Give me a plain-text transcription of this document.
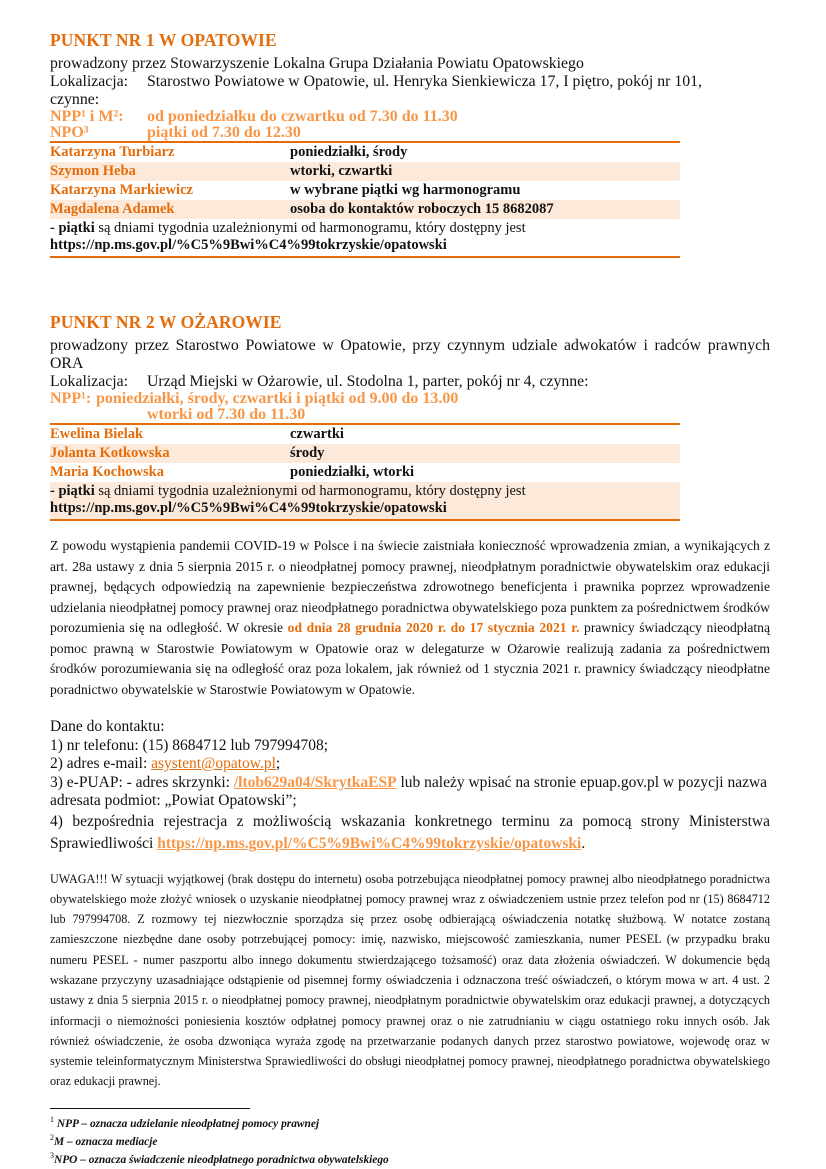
PUNKT NR 1 W OPATOWIE

prowadzony przez Stowarzyszenie Lokalna Grupa Działania Powiatu Opatowskiego

Lokalizacja:	Starostwo Powiatowe w Opatowie, ul. Henryka Sienkiewicza 17, I piętro, pokój nr 101,

czynne:

NPP¹ i M²: od poniedziałku do czwartku od 7.30 do 11.30

NPO³	piątki od 7.30 do 12.30

Katarzyna Turbiarz	poniedziałki, środy
Szymon Heba	wtorki, czwartki
Katarzyna Markiewicz	w wybrane piątki wg harmonogramu
Magdalena Adamek	osoba do kontaktów roboczych 15 8682087
- piątki są dniami tygodnia uzależnionymi od harmonogramu, który dostępny jest
https://np.ms.gov.pl/%C5%9Bwi%C4%99tokrzyskie/opatowski	
PUNKT NR 2 W OŻAROWIE

prowadzony przez Starostwo Powiatowe w Opatowie, przy czynnym udziale adwokatów i radców prawnych ORA

Lokalizacja:	Urząd Miejski w Ożarowie, ul. Stodolna 1, parter, pokój nr 4, czynne:

NPP¹: poniedziałki, środy, czwartki i piątki od 9.00 do 13.00

wtorki od 7.30 do 11.30

Ewelina Bielak	czwartki
Jolanta Kotkowska	środy
Maria Kochowska	poniedziałki, wtorki
- piątki są dniami tygodnia uzależnionymi od harmonogramu, który dostępny jest
https://np.ms.gov.pl/%C5%9Bwi%C4%99tokrzyskie/opatowski	

Z powodu wystąpienia pandemii COVID-19 w Polsce i na świecie zaistniała konieczność wprowadzenia zmian, a wynikających z art. 28a ustawy z dnia 5 sierpnia 2015 r. o nieodpłatnej pomocy prawnej, nieodpłatnym poradnictwie obywatelskim oraz edukacji prawnej, będących odpowiedzią na zapewnienie bezpieczeństwa zdrowotnego beneficjenta i prawnika poprzez wprowadzenie udzielania nieodpłatnej pomocy prawnej oraz nieodpłatnego poradnictwa obywatelskiego poza punktem za pośrednictwem środków porozumienia się na odległość. W okresie od dnia 28 grudnia 2020 r. do 17 stycznia 2021 r. prawnicy świadczący nieodpłatną pomoc prawną w Starostwie Powiatowym w Opatowie oraz w delegaturze w Ożarowie realizują zadania za pośrednictwem środków porozumiewania się na odległość oraz poza lokalem, jak również od 1 stycznia 2021 r. prawnicy świadczący nieodpłatne poradnictwo obywatelskie w Starostwie Powiatowym w Opatowie.

Dane do kontaktu:

1) nr telefonu: (15) 8684712 lub 797994708;

2) adres e-mail: asystent@opatow.pl;

3) e-PUAP: - adres skrzynki: /ltob629a04/SkrytkaESP lub należy wpisać na stronie epuap.gov.pl w pozycji nazwa adresata podmiot: „Powiat Opatowski”;

4) bezpośrednia rejestracja z możliwością wskazania konkretnego terminu za pomocą strony Ministerstwa Sprawiedliwości https://np.ms.gov.pl/%C5%9Bwi%C4%99tokrzyskie/opatowski.

UWAGA!!! W sytuacji wyjątkowej (brak dostępu do internetu) osoba potrzebująca nieodpłatnej pomocy prawnej albo nieodpłatnego poradnictwa obywatelskiego może złożyć wniosek o uzyskanie nieodpłatnej pomocy prawnej wraz z oświadczeniem ustnie przez telefon pod nr (15) 8684712 lub 797994708. Z rozmowy tej niezwłocznie sporządza się przez osobę odbierającą oświadczenia notatkę służbową. W notatce zostaną zamieszczone niezbędne dane osoby potrzebującej pomocy: imię, nazwisko, miejscowość zamieszkania, numer PESEL (w przypadku braku numeru PESEL - numer paszportu albo innego dokumentu stwierdzającego tożsamość) oraz data złożenia oświadczeń. W dokumencie będą wskazane przyczyny uzasadniające odstąpienie od pisemnej formy oświadczenia i odznaczona treść oświadczeń, o którym mowa w art. 4 ust. 2 ustawy z dnia 5 sierpnia 2015 r. o nieodpłatnej pomocy prawnej, nieodpłatnym poradnictwie obywatelskim oraz edukacji prawnej, a dotyczących informacji o niemożności poniesienia kosztów odpłatnej pomocy prawnej oraz o nie zatrudnianiu w ciągu ostatniego roku innych osób. Jak również oświadczenie, że osoba dzwoniąca wyraża zgodę na przetwarzanie podanych danych przez starostwo powiatowe, wojewodę oraz w systemie teleinformatycznym Ministerstwa Sprawiedliwości do obsługi nieodpłatnej pomocy prawnej, nieodpłatnego poradnictwa obywatelskiego oraz edukacji prawnej.

$^1$ NPP – oznacza udzielanie nieodpłatnej pomocy prawnej

$^2$M – oznacza mediacje

$^3$NPO – oznacza świadczenie nieodpłatnego poradnictwa obywatelskiego
